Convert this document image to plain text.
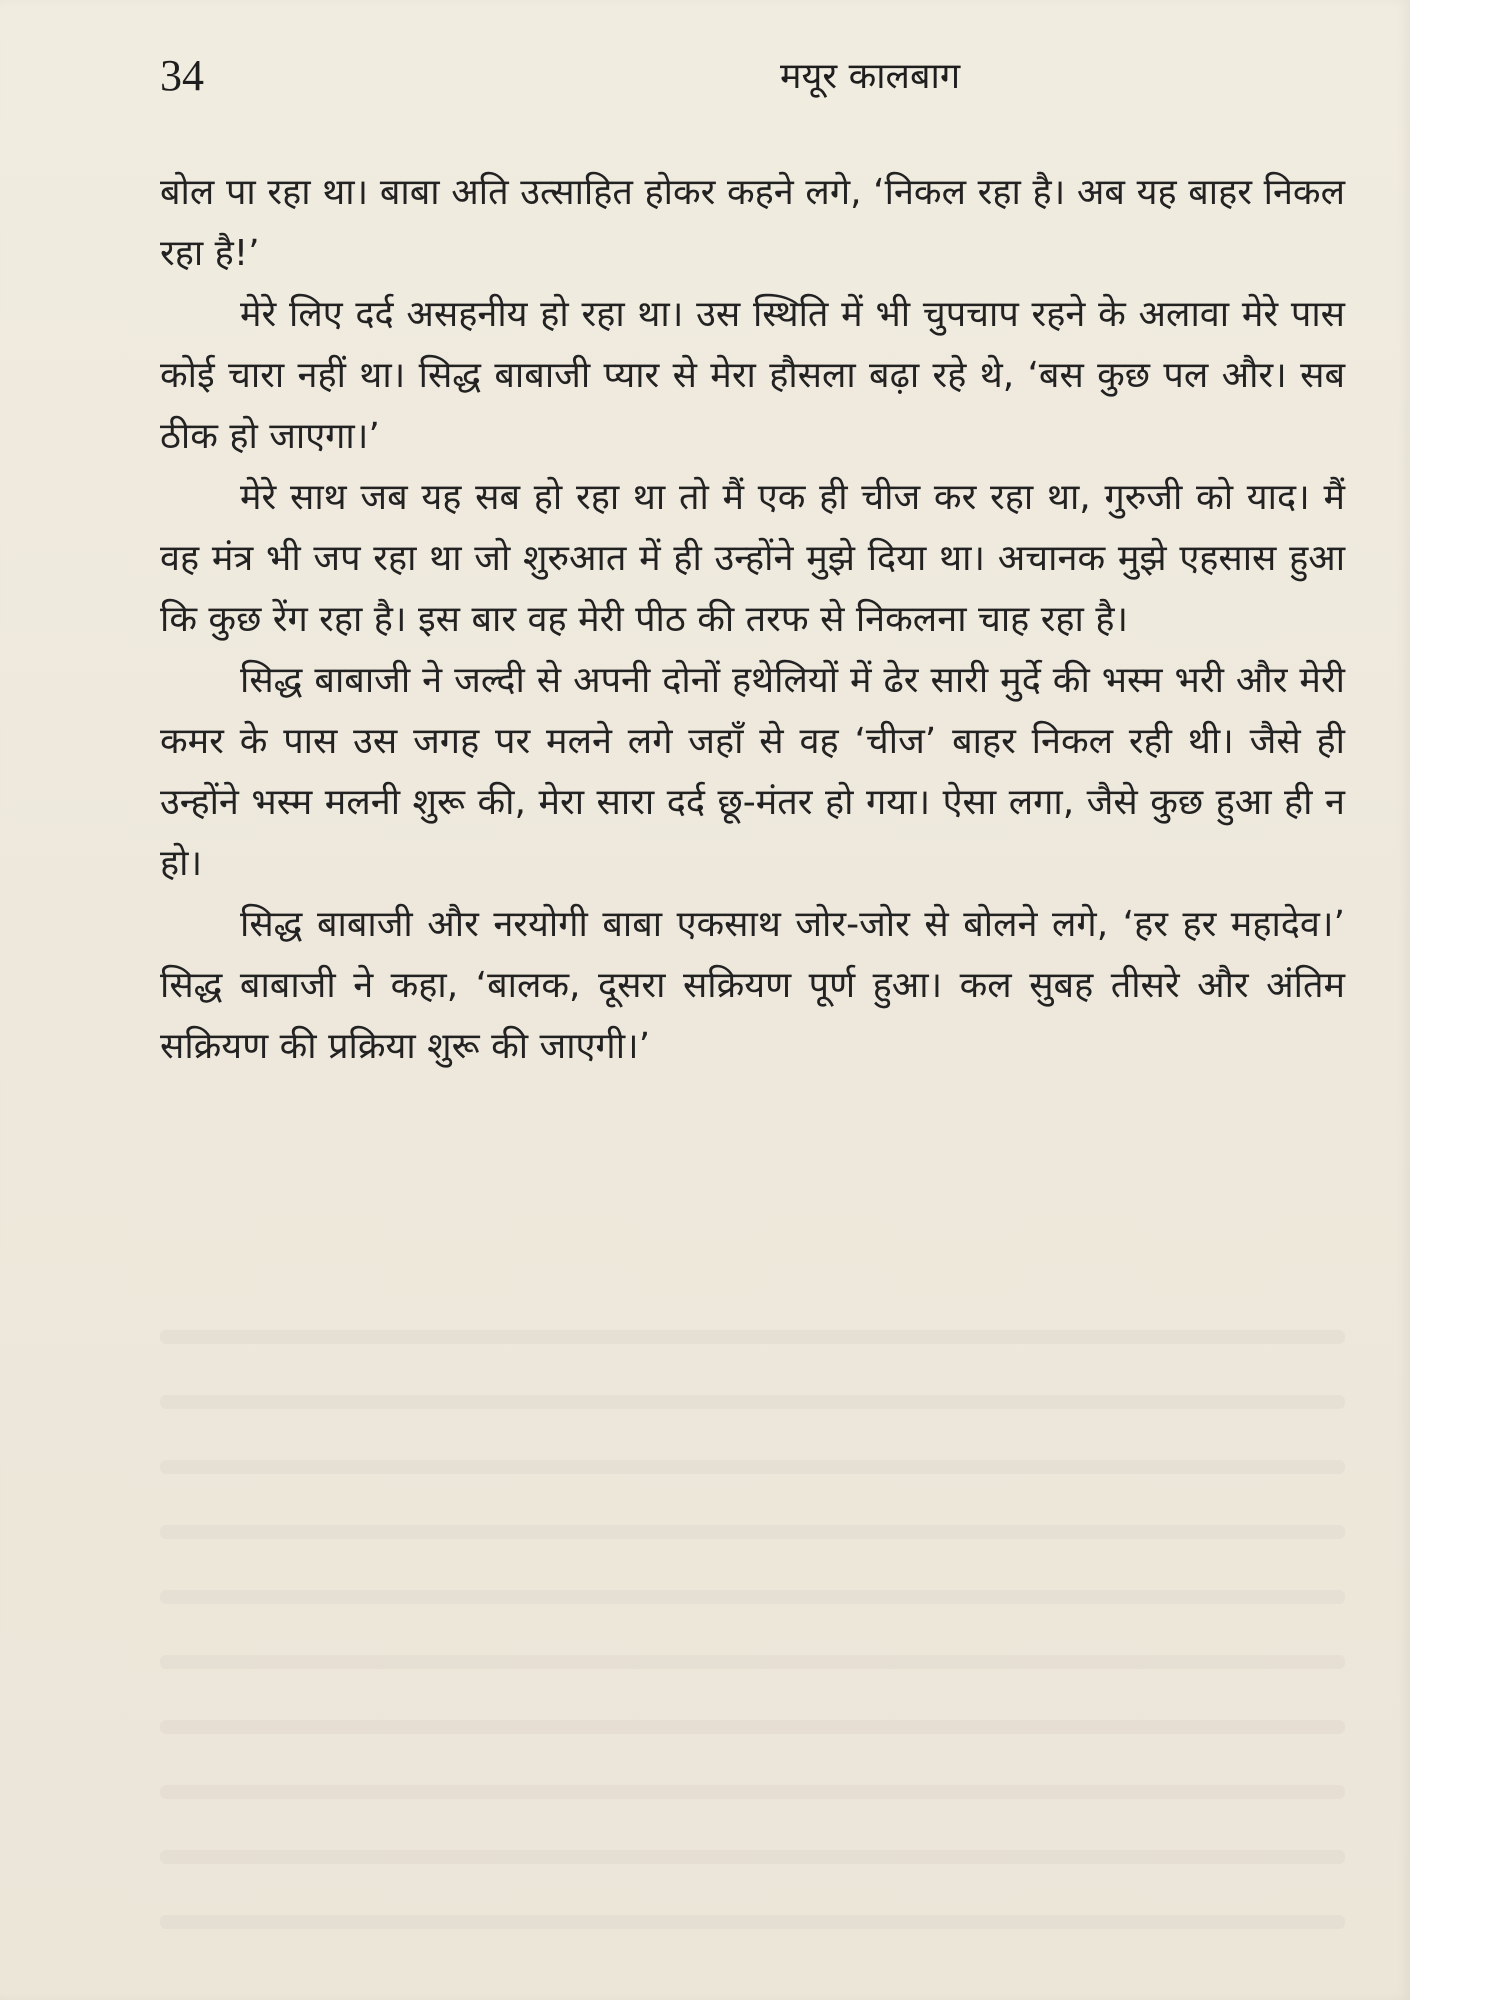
34	मयूर कालबाग

बोल पा रहा था। बाबा अति उत्साहित होकर कहने लगे, ‘निकल रहा है। अब यह बाहर निकल रहा है!’

मेरे लिए दर्द असहनीय हो रहा था। उस स्थिति में भी चुपचाप रहने के अलावा मेरे पास कोई चारा नहीं था। सिद्ध बाबाजी प्यार से मेरा हौसला बढ़ा रहे थे, ‘बस कुछ पल और। सब ठीक हो जाएगा।’

मेरे साथ जब यह सब हो रहा था तो मैं एक ही चीज कर रहा था, गुरुजी को याद। मैं वह मंत्र भी जप रहा था जो शुरुआत में ही उन्होंने मुझे दिया था। अचानक मुझे एहसास हुआ कि कुछ रेंग रहा है। इस बार वह मेरी पीठ की तरफ से निकलना चाह रहा है।

सिद्ध बाबाजी ने जल्दी से अपनी दोनों हथेलियों में ढेर सारी मुर्दे की भस्म भरी और मेरी कमर के पास उस जगह पर मलने लगे जहाँ से वह ‘चीज’ बाहर निकल रही थी। जैसे ही उन्होंने भस्म मलनी शुरू की, मेरा सारा दर्द छू-मंतर हो गया। ऐसा लगा, जैसे कुछ हुआ ही न हो।

सिद्ध बाबाजी और नरयोगी बाबा एकसाथ जोर-जोर से बोलने लगे, ‘हर हर महादेव।’ सिद्ध बाबाजी ने कहा, ‘बालक, दूसरा सक्रियण पूर्ण हुआ। कल सुबह तीसरे और अंतिम सक्रियण की प्रक्रिया शुरू की जाएगी।’
